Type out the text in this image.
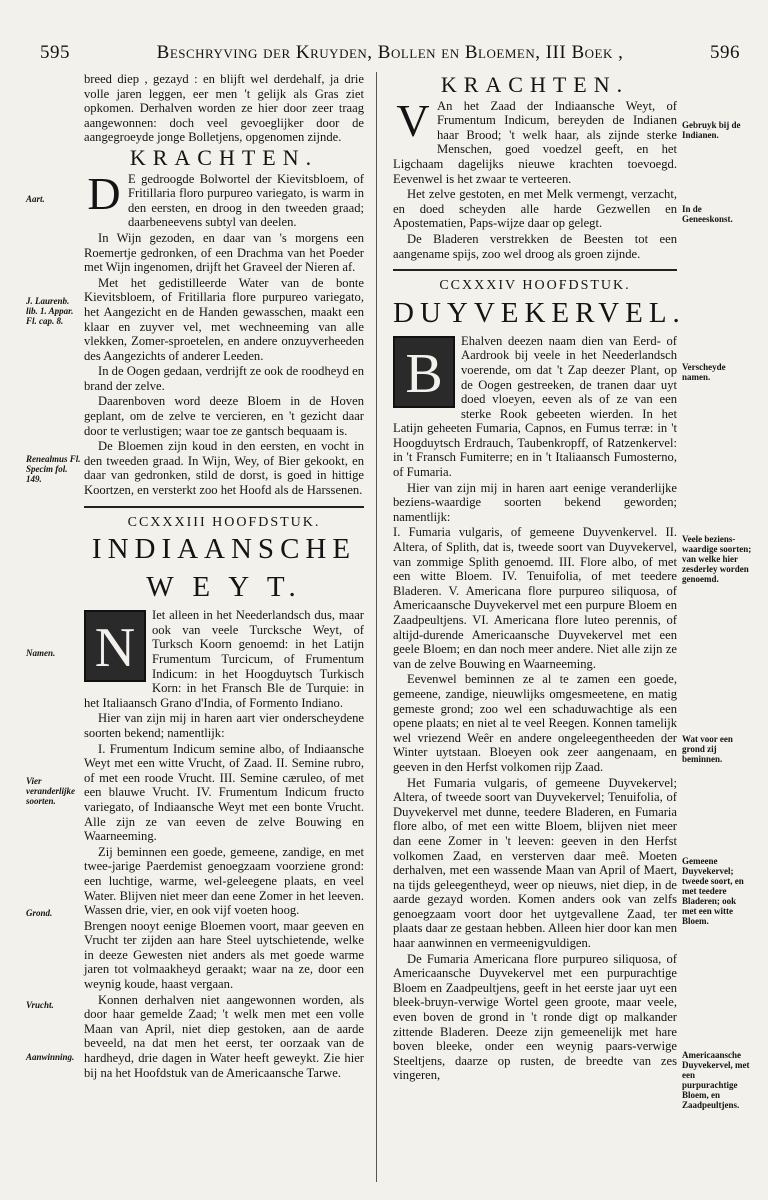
595	Beschryving der Kruyden, Bollen en Bloemen, III Boek ,	596

breed diep , gezayd : en blijft wel derdehalf, ja drie volle jaren leggen, eer men 't gelijk als Gras ziet opkomen. Derhalven worden ze hier door zeer traag aangewonnen: doch veel gevoeglijker door de aangegroeyde jonge Bolletjens, opgenomen zijnde.

KRACHTEN.

D E gedroogde Bolwortel der Kievitsbloem, of Fritillaria floro purpureo variegato, is warm in den eersten, en droog in den tweeden graad; daarbeneevens subtyl van deelen.

In Wijn gezoden, en daar van 's morgens een Roemertje gedronken, of een Drachma van het Poeder met Wijn ingenomen, drijft het Graveel der Nieren af.

Met het gedistilleerde Water van de bonte Kievitsbloem, of Fritillaria flore purpureo variegato, het Aangezicht en de Handen gewasschen, maakt een klaar en zuyver vel, met wechneeming van alle vlekken, Zomer-sproetelen, en andere onzuyverheeden des Aangezichts of anderer Leeden.

In de Oogen gedaan, verdrijft ze ook de roodheyd en brand der zelve.

Daarenboven word deeze Bloem in de Hoven geplant, om de zelve te vercieren, en 't gezicht daar door te verlustigen; waar toe ze gantsch bequaam is.

De Bloemen zijn koud in den eersten, en vocht in den tweeden graad. In Wijn, Wey, of Bier gekookt, en daar van gedronken, stild de dorst, is goed in hittige Koortzen, en versterkt zoo het Hoofd als de Harssenen.

CCXXXIII HOOFDSTUK.
INDIAANSCHE
W E Y T.

N
Iet alleen in het Neederlandsch dus, maar ook van veele Turcksche Weyt, of Turksch Koorn genoemd: in het Latijn Frumentum Turcicum, of Frumentum Indicum: in het Hoogduytsch Turkisch Korn: in het Fransch Ble de Turquie: in het Italiaansch Grano d'India, of Formento Indiano.

Hier van zijn mij in haren aart vier onderscheydene soorten bekend; namentlijk:

I. Frumentum Indicum semine albo, of Indiaansche Weyt met een witte Vrucht, of Zaad. II. Semine rubro, of met een roode Vrucht. III. Semine cæruleo, of met een blauwe Vrucht. IV. Frumentum Indicum fructo variegato, of Indiaansche Weyt met een bonte Vrucht. Alle zijn ze van eeven de zelve Bouwing en Waarneeming.

Zij beminnen een goede, gemeene, zandige, en met twee-jarige Paerdemist genoegzaam voorziene grond: een luchtige, warme, wel-geleegene plaats, en veel Water. Blijven niet meer dan eene Zomer in het leeven. Wassen drie, vier, en ook vijf voeten hoog.

Brengen nooyt eenige Bloemen voort, maar geeven en Vrucht ter zijden aan hare Steel uytschietende, welke in deeze Gewesten niet anders als met goede warme jaren tot volmaakheyd geraakt; waar na ze, door een weynig koude, haast vergaan.

Konnen derhalven niet aangewonnen worden, als door haar gemelde Zaad; 't welk men met een volle Maan van April, niet diep gestoken, aan de aarde beveeld, na dat men het eerst, ter oorzaak van de hardheyd, drie dagen in Water heeft geweykt. Zie hier bij na het Hoofdstuk van de Americaansche Tarwe.

KRACHTEN.

V An het Zaad der Indiaansche Weyt, of Frumentum Indicum, bereyden de Indianen haar Brood; 't welk haar, als zijnde sterke Menschen, goed voedzel geeft, en het Ligchaam dagelijks nieuwe krachten toevoegd. Eevenwel is het zwaar te verteeren.

Het zelve gestoten, en met Melk vermengt, verzacht, en doed scheyden alle harde Gezwellen en Apostematien, Paps-wijze daar op gelegt.

De Bladeren verstrekken de Beesten tot een aangename spijs, zoo wel droog als groen zijnde.

CCXXXIV HOOFDSTUK.
DUYVEKERVEL.

B
Ehalven deezen naam dien van Eerd- of Aardrook bij veele in het Neederlandsch voerende, om dat 't Zap deezer Plant, op de Oogen gestreeken, de tranen daar uyt doed vloeyen, eeven als of ze van een sterke Rook gebeeten wierden. In het Latijn geheeten Fumaria, Capnos, en Fumus terræ: in 't Hoogduytsch Erdrauch, Taubenkropff, of Ratzenkervel: in 't Fransch Fumiterre; en in 't Italiaansch Fumosterno, of Fumaria.

Hier van zijn mij in haren aart eenige veranderlijke beziens-waardige soorten bekend geworden; namentlijk:

I. Fumaria vulgaris, of gemeene Duyvenkervel. II. Altera, of Splith, dat is, tweede soort van Duyvekervel, van zommige Splith genoemd. III. Flore albo, of met een witte Bloem. IV. Tenuifolia, of met teedere Bladeren. V. Americana flore purpureo siliquosa, of Americaansche Duyvekervel met een purpure Bloem en Zaadpeultjens. VI. Americana flore luteo perennis, of altijd-durende Americaansche Duyvekervel met een geele Bloem; en dan noch meer andere. Niet alle zijn ze van de zelve Bouwing en Waarneeming.

Eevenwel beminnen ze al te zamen een goede, gemeene, zandige, nieuwlijks omgesmeetene, en matig gemeste grond; zoo wel een schaduwachtige als een opene plaats; en niet al te veel Reegen. Konnen tamelijk wel vriezend Weêr en andere ongeleegentheeden der Winter uytstaan. Bloeyen ook zeer aangenaam, en geeven in den Herfst volkomen rijp Zaad.

Het Fumaria vulgaris, of gemeene Duyvekervel; Altera, of tweede soort van Duyvekervel; Tenuifolia, of Duyvekervel met dunne, teedere Bladeren, en Fumaria flore albo, of met een witte Bloem, blijven niet meer dan eene Zomer in 't leeven: geeven in den Herfst volkomen Zaad, en versterven daar meê. Moeten derhalven, met een wassende Maan van April of Maert, na tijds geleegentheyd, weer op nieuws, niet diep, in de aarde gezayd worden. Komen anders ook van zelfs genoegzaam voort door het uytgevallene Zaad, ter plaats daar ze gestaan hebben. Alleen hier door kan men haar aanwinnen en vermeenigvuldigen.

De Fumaria Americana flore purpureo siliquosa, of Americaansche Duyvekervel met een purpurachtige Bloem en Zaadpeultjens, geeft in het eerste jaar uyt een bleek-bruyn-verwige Wortel geen groote, maar veele, even boven de grond in 't ronde digt op malkander zittende Bladeren. Deeze zijn gemeenelijk met hare boven bleeke, onder een weynig paars-verwige Steeltjens, daarze op rusten, de breedte van zes vingeren,

Aart.
J. Laurenb. lib. 1. Appar. Fl. cap. 8.
Renealmus Fl. Specim fol. 149.
Namen.
Vier veranderlijke soorten.
Grond.
Vrucht.
Aanwinning.
Gebruyk bij de Indianen.
In de Geneeskonst.
Verscheyde namen.
Veele beziens-waardige soorten; van welke hier zesderley worden genoemd.
Wat voor een grond zij beminnen.
Gemeene Duyvekervel; tweede soort, en met teedere Bladeren; ook met een witte Bloem.
Americaansche Duyvekervel, met een purpurachtige Bloem, en Zaadpeultjens.
